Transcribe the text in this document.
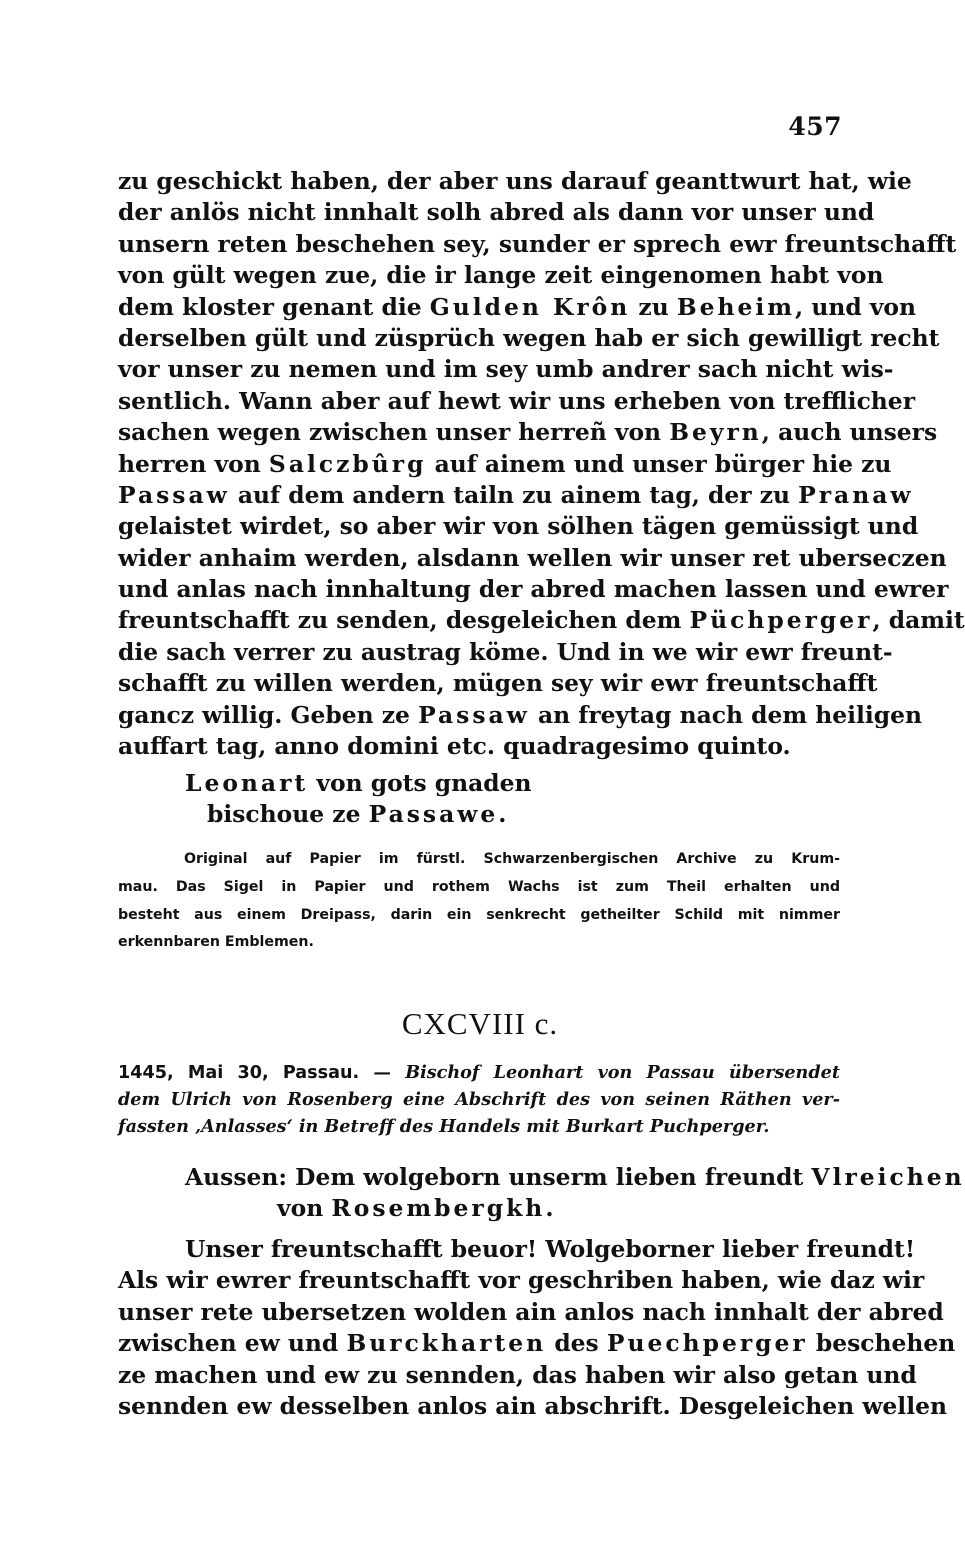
457
zu geschickt haben, der aber uns darauf geanttwurt hat, wie
der anlös nicht innhalt solh abred als dann vor unser und
unsern reten beschehen sey, sunder er sprech ewr freuntschafft
von gült wegen zue, die ir lange zeit eingenomen habt von
dem kloster genant die Gulden Krôn zu Beheim, und von
derselben gült und züsprüch wegen hab er sich gewilligt recht
vor unser zu nemen und im sey umb andrer sach nicht wis-
sentlich. Wann aber auf hewt wir uns erheben von trefflicher
sachen wegen zwischen unser herreñ von Beyrn, auch unsers
herren von Salczbûrg auf ainem und unser bürger hie zu
Passaw auf dem andern tailn zu ainem tag, der zu Pranaw
gelaistet wirdet, so aber wir von sölhen tägen gemüssigt und
wider anhaim werden, alsdann wellen wir unser ret uberseczen
und anlas nach innhaltung der abred machen lassen und ewrer
freuntschafft zu senden, desgeleichen dem Püchperger, damit
die sach verrer zu austrag köme. Und in we wir ewr freunt-
schafft zu willen werden, mügen sey wir ewr freuntschafft
gancz willig. Geben ze Passaw an freytag nach dem heiligen
auffart tag, anno domini etc. quadragesimo quinto.
Leonart von gots gnaden
bischoue ze Passawe.
Original auf Papier im fürstl. Schwarzenbergischen Archive zu Krum-
mau. Das Sigel in Papier und rothem Wachs ist zum Theil erhalten und
besteht aus einem Dreipass, darin ein senkrecht getheilter Schild mit nimmer
erkennbaren Emblemen.
CXCVIII c.
1445, Mai 30, Passau. — Bischof Leonhart von Passau übersendet
dem Ulrich von Rosenberg eine Abschrift des von seinen Räthen ver-
fassten ‚Anlasses‘ in Betreff des Handels mit Burkart Puchperger.
Aussen: Dem wolgeborn unserm lieben freundt Vlreichen
von Rosembergkh.
Unser freuntschafft beuor! Wolgeborner lieber freundt!
Als wir ewrer freuntschafft vor geschriben haben, wie daz wir
unser rete ubersetzen wolden ain anlos nach innhalt der abred
zwischen ew und Burckharten des Puechperger beschehen
ze machen und ew zu sennden, das haben wir also getan und
sennden ew desselben anlos ain abschrift. Desgeleichen wellen
